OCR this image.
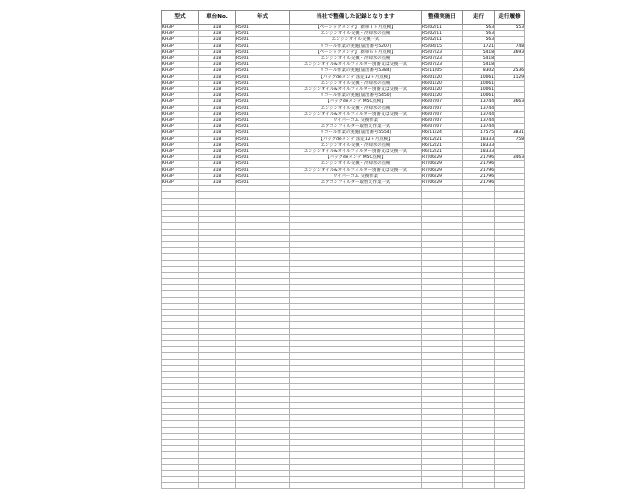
型式	車台No.	年式	当社で整備した記録となります	整備実施日	走行	走行履修
KH3P	318	R5/01	【ベーシックメンテ】 新車１ヶ月点検】	R5/02/11	563	553
KH3P	318	R5/01	エンジンオイル交換・冷却水の点検	R5/02/11	563	
KH3P	318	R5/01	エンジンオイル交換一式	R5/02/11	563	
KH3P	318	R5/01	リコール作業の実施[届出番号5207]	R5/04/15	1721	748
KH3P	318	R5/01	【ベーシックメンテ】 新車６ヶ月点検】	R5/07/23	5418	3693
KH3P	318	R5/01	エンジンオイル交換・冷却水の点検	R5/07/23	5418	
KH3P	318	R5/01	エンジンオイル&オイルフィルター別番又は交換一式	R5/07/23	5418	
KH3P	318	R5/01	リコール作業の実施[届出番号5384]	R5/11/05	8302	2536
KH3P	318	R5/01	【パックdeメンテ 法定12ヶ月点検】	R6/01/20	10061	1129
KH3P	318	R5/01	エンジンオイル交換・冷却水の点検	R6/01/20	10061	
KH3P	318	R5/01	エンジンオイル&オイルフィルター別番又は交換一式	R6/01/20	10061	
KH3P	318	R5/01	リコール作業の実施[届出番号5450]	R6/01/20	10061	
KH3P	318	R5/01	【パックdeメンテ M5C点検】	R6/07/07	13744	3663
KH3P	318	R5/01	エンジンオイル交換・冷却水の点検	R6/07/07	13744	
KH3P	318	R5/01	エンジンオイル&オイルフィルター別番又は交換一式	R6/07/07	13744	
KH3P	318	R5/01	ワイパーゴム 交換作業	R6/07/07	13744	
KH3P	318	R5/01	エアコンフィルター取替え作業一式	R6/07/07	13744	
KH3P	318	R5/01	リコール作業の実施[届出番号5554]	R6/11/24	17575	3831
KH3P	318	R5/01	【パックdeメンテ 法定12ヶ月点検】	R6/12/21	18333	758
KH3P	318	R5/01	エンジンオイル交換・冷却水の点検	R6/12/21	18333	
KH3P	318	R5/01	エンジンオイル&オイルフィルター別番又は交換一式	R6/12/21	18333	
KH3P	318	R5/01	【パックdeメンテ M5C点検】	R7/06/29	21796	3463
KH3P	318	R5/01	エンジンオイル交換・冷却水の点検	R7/06/29	21796	
KH3P	318	R5/01	エンジンオイル&オイルフィルター別番又は交換一式	R7/06/29	21796	
KH3P	318	R5/01	ワイパーゴム 交換作業	R7/06/29	21796	
KH3P	318	R5/01	エアコンフィルター取替え作業一式	R7/06/29	21796	
